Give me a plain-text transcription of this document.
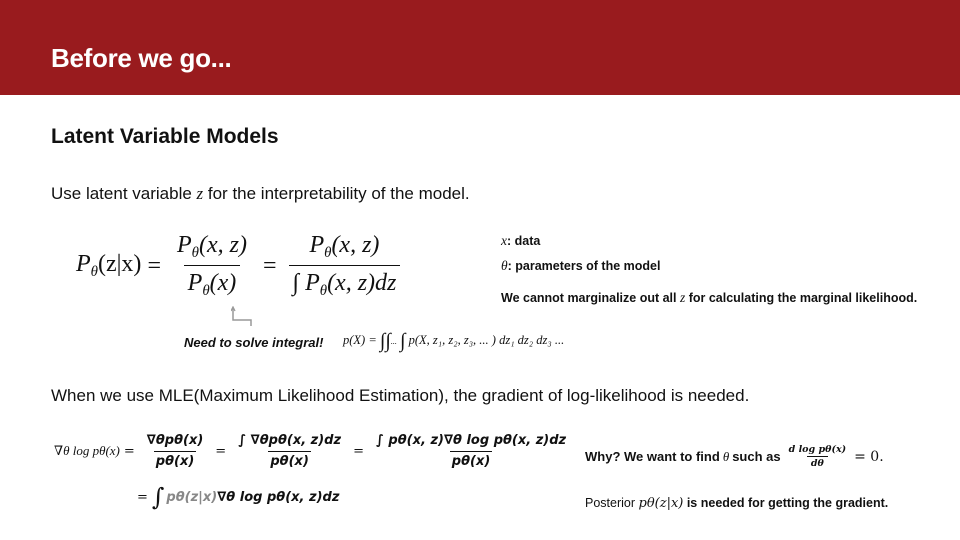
Before we go...
Latent Variable Models
Use latent variable z for the interpretability of the model.
$P_\theta(z|x) = \frac{P_\theta(x, z)}{P_\theta(x)} = \frac{P_\theta(x, z)}{\int P_\theta(x, z)dz}$	x: data
θ: parameters of the model
We cannot marginalize out all z for calculating the marginal likelihood.
Need to solve integral! p(X) = ∫∫... ∫ p(X, z₁, z₂, z₃, ... ) dz₁ dz₂ dz₃ ...
When we use MLE(Maximum Likelihood Estimation), the gradient of log-likelihood is needed.
∇θ $\log p\theta(x) = \frac{\text{∇θpθ(x)}}{p\theta(x)} = \frac{\text{∫ ∇θpθ(x, z)dz}}{p\theta(x)} = \frac{\text{∫ pθ(x, z)∇θ log pθ(x, z)dz}}{p\theta(x)}$
= ∫ pθ(z|x) ∇θ log pθ(x, z)dz
Why? We want to find θ such as $\frac{\text{d log pθ(x)}}{d\theta} = 0$.
Posterior pθ(z|x) is needed for getting the gradient.
